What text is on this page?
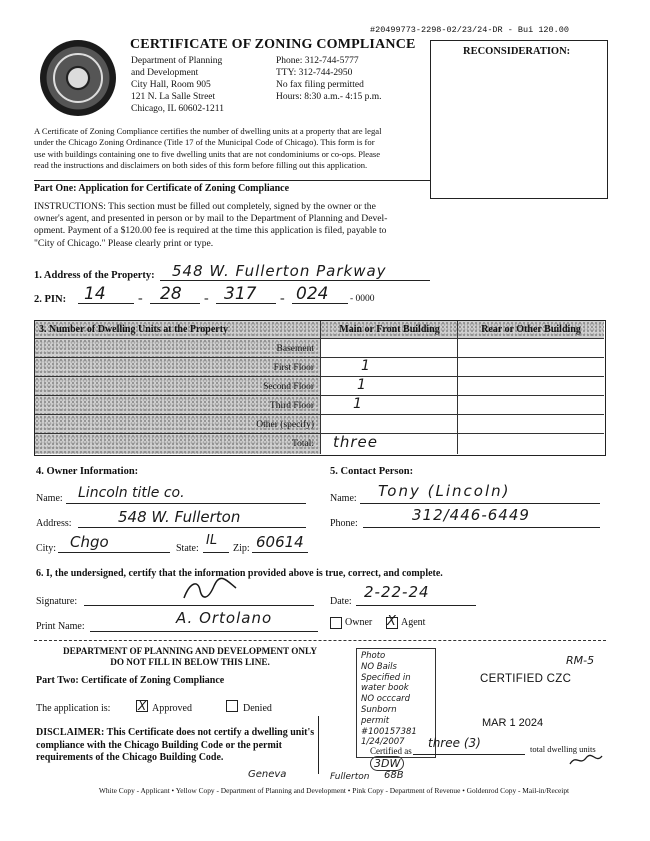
#20499773-2298-02/23/24-DR - Bui 120.00
CERTIFICATE OF ZONING COMPLIANCE
Department of Planning
and Development
City Hall, Room 905
121 N. La Salle Street
Chicago, IL 60602-1211
Phone: 312-744-5777
TTY: 312-744-2950
No fax filing permitted
Hours: 8:30 a.m.- 4:15 p.m.
RECONSIDERATION:
A Certificate of Zoning Compliance certifies the number of dwelling units at a property that are legal
under the Chicago Zoning Ordinance (Title 17 of the Municipal Code of Chicago). This form is for
use with buildings containing one to five dwelling units that are not condominiums or co-ops. Please
read the instructions and disclaimers on both sides of this form before filling out this application.
Part One: Application for Certificate of Zoning Compliance
INSTRUCTIONS: This section must be filled out completely, signed by the owner or the
owner's agent, and presented in person or by mail to the Department of Planning and Devel-
opment. Payment of a $120.00 fee is required at the time this application is filed, payable to
"City of Chicago." Please clearly print or type.
1. Address of the Property: 548 W. Fullerton Parkway
2. PIN: 14 - 28 - 317 - 024 - 0000
3. Number of Dwelling Units at the Property	Main or Front Building	Rear or Other Building
Basement
First Floor	1
Second Floor	1
Third Floor	1
Other (specify)
Total: three
4. Owner Information:
Name: Lincoln title co.
Address:	548 W. Fullerton
City: Chgo	State:
IL
Zip: 60614
5. Contact Person:
Name: Tony (Lincoln)
Phone:	312/446-6449
6. I, the undersigned, certify that the information provided above is true, correct, and complete.
Signature:	Date:
2-22-24
Print Name:	A. Ortolano	Owner X Agent
DEPARTMENT OF PLANNING AND DEVELOPMENT ONLY
DO NOT FILL IN BELOW THIS LINE.
Part Two: Certificate of Zoning Compliance
The application is: X Approved	Denied
DISCLAIMER: This Certificate does not certify a dwelling unit's
compliance with the Chicago Building Code or the permit
requirements of the Chicago Building Code.
Photo
NO Bails
Specified in
water book
NO occcard
Sunborn
permit #100157381
1/24/2007
RM-5
CERTIFIED CZC
MAR 1 2024
Certified as
three (3)	total dwelling units
3DW
Geneva	Fullerton 68B
White Copy - Applicant • Yellow Copy - Department of Planning and Development • Pink Copy - Department of Revenue • Goldenrod Copy - Mail-in/Receipt
